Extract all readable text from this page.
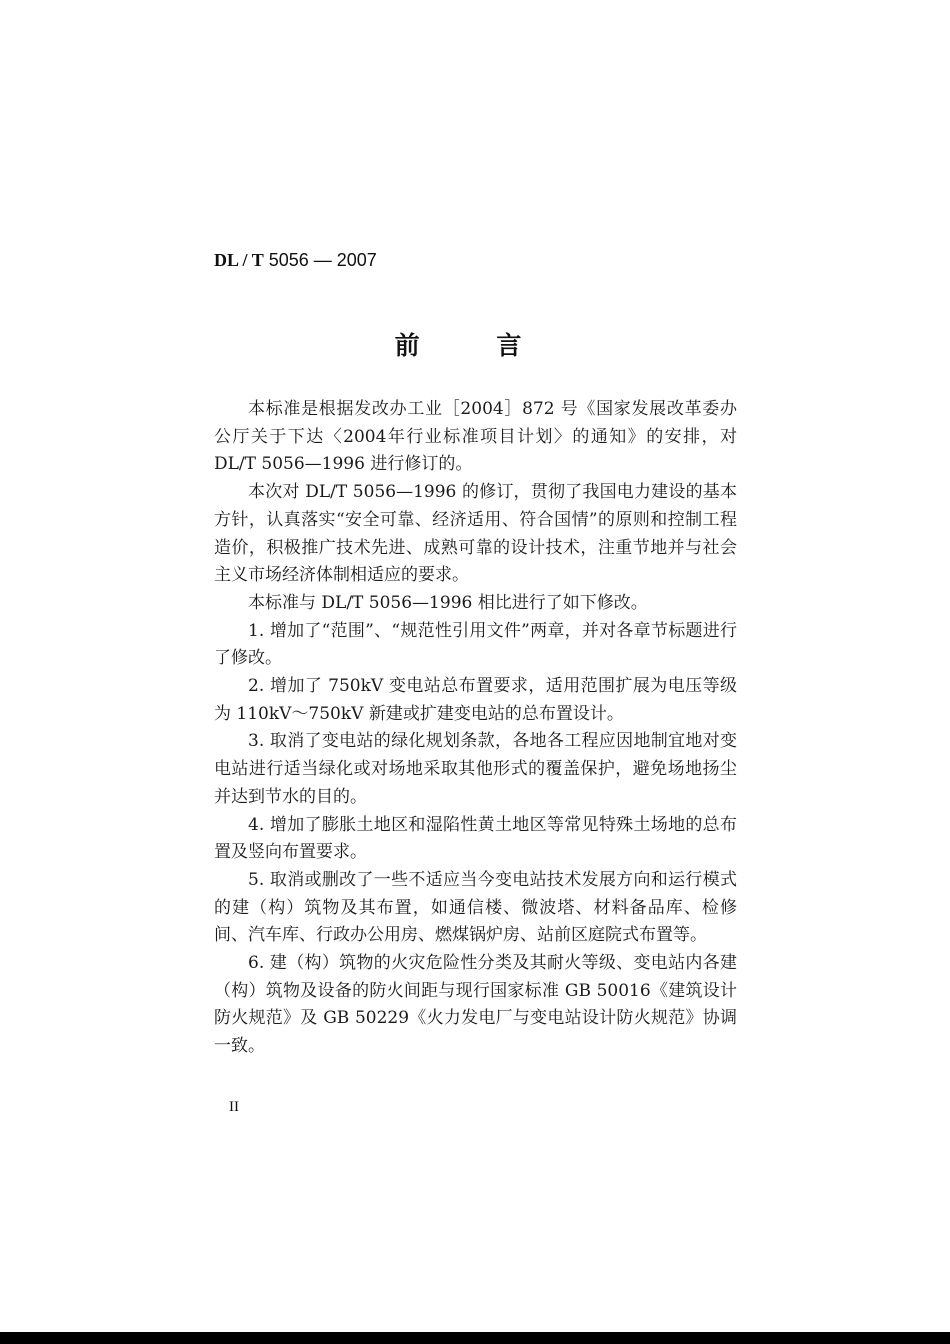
DL / T 5056 — 2007
前 言

本标准是根据发改办工业［2004］872 号《国家发展改革委办公厅关于下达〈2004年行业标准项目计划〉的通知》的安排，对 DL/T 5056—1996 进行修订的。

本次对 DL/T 5056—1996 的修订，贯彻了我国电力建设的基本方针，认真落实“安全可靠、经济适用、符合国情”的原则和控制工程造价，积极推广技术先进、成熟可靠的设计技术，注重节地并与社会主义市场经济体制相适应的要求。

本标准与 DL/T 5056—1996 相比进行了如下修改。

1. 增加了“范围”、“规范性引用文件”两章，并对各章节标题进行了修改。

2. 增加了 750kV 变电站总布置要求，适用范围扩展为电压等级为 110kV～750kV 新建或扩建变电站的总布置设计。

3. 取消了变电站的绿化规划条款，各地各工程应因地制宜地对变电站进行适当绿化或对场地采取其他形式的覆盖保护，避免场地扬尘并达到节水的目的。

4. 增加了膨胀土地区和湿陷性黄土地区等常见特殊土场地的总布置及竖向布置要求。

5. 取消或删改了一些不适应当今变电站技术发展方向和运行模式的建（构）筑物及其布置，如通信楼、微波塔、材料备品库、检修间、汽车库、行政办公用房、燃煤锅炉房、站前区庭院式布置等。

6. 建（构）筑物的火灾危险性分类及其耐火等级、变电站内各建（构）筑物及设备的防火间距与现行国家标准 GB 50016《建筑设计防火规范》及 GB 50229《火力发电厂与变电站设计防火规范》协调一致。

II
